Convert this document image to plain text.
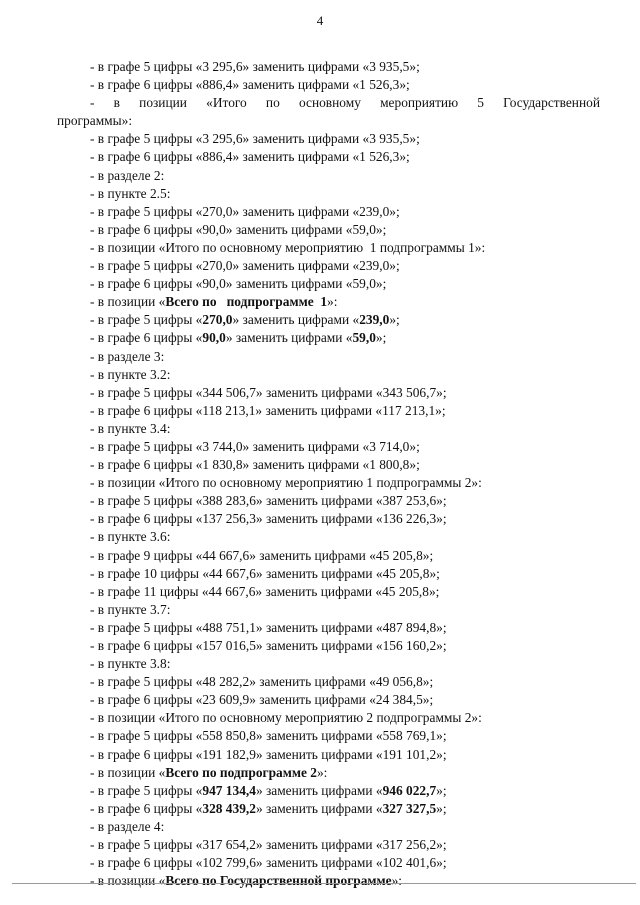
4
- в графе 5 цифры «3 295,6» заменить цифрами «3 935,5»;
- в графе 6 цифры «886,4» заменить цифрами «1 526,3»;
- в позиции «Итого по основному мероприятию 5 Государственной
программы»:
- в графе 5 цифры «3 295,6» заменить цифрами «3 935,5»;
- в графе 6 цифры «886,4» заменить цифрами «1 526,3»;
- в разделе 2:
- в пункте 2.5:
- в графе 5 цифры «270,0» заменить цифрами «239,0»;
- в графе 6 цифры «90,0» заменить цифрами «59,0»;
- в позиции «Итого по основному мероприятию  1 подпрограммы 1»:
- в графе 5 цифры «270,0» заменить цифрами «239,0»;
- в графе 6 цифры «90,0» заменить цифрами «59,0»;
- в позиции «Всего по   подпрограмме  1»:
- в графе 5 цифры «270,0» заменить цифрами «239,0»;
- в графе 6 цифры «90,0» заменить цифрами «59,0»;
- в разделе 3:
- в пункте 3.2:
- в графе 5 цифры «344 506,7» заменить цифрами «343 506,7»;
- в графе 6 цифры «118 213,1» заменить цифрами «117 213,1»;
- в пункте 3.4:
- в графе 5 цифры «3 744,0» заменить цифрами «3 714,0»;
- в графе 6 цифры «1 830,8» заменить цифрами «1 800,8»;
- в позиции «Итого по основному мероприятию 1 подпрограммы 2»:
- в графе 5 цифры «388 283,6» заменить цифрами «387 253,6»;
- в графе 6 цифры «137 256,3» заменить цифрами «136 226,3»;
- в пункте 3.6:
- в графе 9 цифры «44 667,6» заменить цифрами «45 205,8»;
- в графе 10 цифры «44 667,6» заменить цифрами «45 205,8»;
- в графе 11 цифры «44 667,6» заменить цифрами «45 205,8»;
- в пункте 3.7:
- в графе 5 цифры «488 751,1» заменить цифрами «487 894,8»;
- в графе 6 цифры «157 016,5» заменить цифрами «156 160,2»;
- в пункте 3.8:
- в графе 5 цифры «48 282,2» заменить цифрами «49 056,8»;
- в графе 6 цифры «23 609,9» заменить цифрами «24 384,5»;
- в позиции «Итого по основному мероприятию 2 подпрограммы 2»:
- в графе 5 цифры «558 850,8» заменить цифрами «558 769,1»;
- в графе 6 цифры «191 182,9» заменить цифрами «191 101,2»;
- в позиции «Всего по подпрограмме 2»:
- в графе 5 цифры «947 134,4» заменить цифрами «946 022,7»;
- в графе 6 цифры «328 439,2» заменить цифрами «327 327,5»;
- в разделе 4:
- в графе 5 цифры «317 654,2» заменить цифрами «317 256,2»;
- в графе 6 цифры «102 799,6» заменить цифрами «102 401,6»;
- в позиции «Всего по Государственной программе»:
